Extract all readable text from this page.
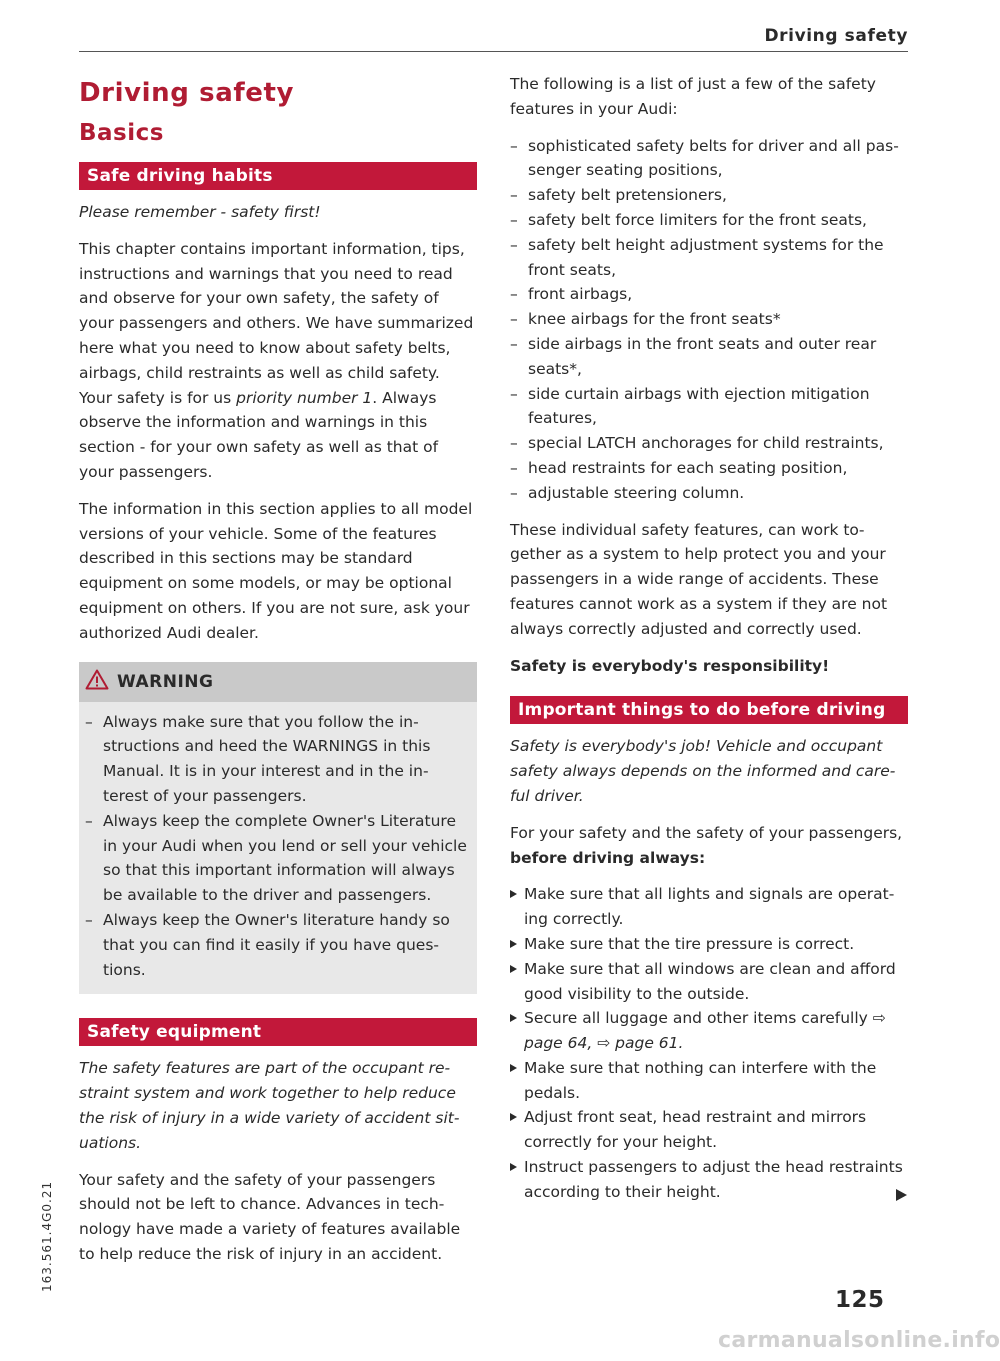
Driving safety
163.561.4G0.21
Driving safety
Basics
Safe driving habits

Please remember - safety first!

This chapter contains important information, tips, instructions and warnings that you need to read and observe for your own safety, the safety of your passengers and others. We have summarized here what you need to know about safety belts, airbags, child restraints as well as child safety. Your safety is for us priority number 1. Always observe the information and warnings in this section - for your own safety as well as that of your passengers.

The information in this section applies to all model versions of your vehicle. Some of the features described in this sections may be standard equipment on some models, or may be optional equipment on others. If you are not sure, ask your authorized Audi dealer.

WARNING
– Always make sure that you follow the instructions and heed the WARNINGS in this Manual. It is in your interest and in the interest of your passengers.
– Always keep the complete Owner's Literature in your Audi when you lend or sell your vehicle so that this important information will always be available to the driver and passengers.
– Always keep the Owner's literature handy so that you can find it easily if you have questions.
Safety equipment

The safety features are part of the occupant restraint system and work together to help reduce the risk of injury in a wide variety of accident situations.

Your safety and the safety of your passengers should not be left to chance. Advances in technology have made a variety of features available to help reduce the risk of injury in an accident.

The following is a list of just a few of the safety features in your Audi:

– sophisticated safety belts for driver and all passenger seating positions,
– safety belt pretensioners,
– safety belt force limiters for the front seats,
– safety belt height adjustment systems for the front seats,
– front airbags,
– knee airbags for the front seats*
– side airbags in the front seats and outer rear seats*,
– side curtain airbags with ejection mitigation features,
– special LATCH anchorages for child restraints,
– head restraints for each seating position,
– adjustable steering column.

These individual safety features, can work together as a system to help protect you and your passengers in a wide range of accidents. These features cannot work as a system if they are not always correctly adjusted and correctly used.

Safety is everybody's responsibility!

Important things to do before driving

Safety is everybody's job! Vehicle and occupant safety always depends on the informed and careful driver.

For your safety and the safety of your passengers, before driving always:

Make sure that all lights and signals are operating correctly.
Make sure that the tire pressure is correct.
Make sure that all windows are clean and afford good visibility to the outside.
Secure all luggage and other items carefully ⇨ page 64, ⇨ page 61.
Make sure that nothing can interfere with the pedals.
Adjust front seat, head restraint and mirrors correctly for your height.
Instruct passengers to adjust the head restraints according to their height.
125
carmanualsonline.info
